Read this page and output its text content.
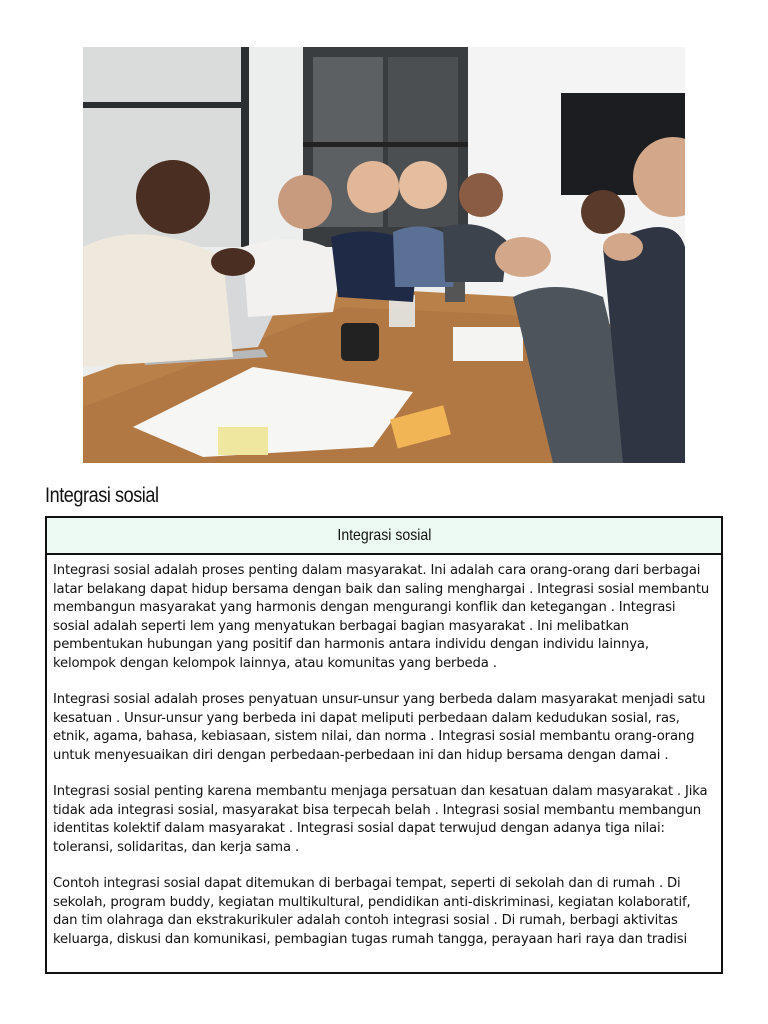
Integrasi sosial
Integrasi sosial

Integrasi sosial adalah proses penting dalam masyarakat. Ini adalah cara orang-orang dari berbagai latar belakang dapat hidup bersama dengan baik dan saling menghargai . Integrasi sosial membantu membangun masyarakat yang harmonis dengan mengurangi konflik dan ketegangan . Integrasi sosial adalah seperti lem yang menyatukan berbagai bagian masyarakat . Ini melibatkan pembentukan hubungan yang positif dan harmonis antara individu dengan individu lainnya, kelompok dengan kelompok lainnya, atau komunitas yang berbeda .

Integrasi sosial adalah proses penyatuan unsur-unsur yang berbeda dalam masyarakat menjadi satu kesatuan . Unsur-unsur yang berbeda ini dapat meliputi perbedaan dalam kedudukan sosial, ras, etnik, agama, bahasa, kebiasaan, sistem nilai, dan norma . Integrasi sosial membantu orang-orang untuk menyesuaikan diri dengan perbedaan-perbedaan ini dan hidup bersama dengan damai .

Integrasi sosial penting karena membantu menjaga persatuan dan kesatuan dalam masyarakat . Jika tidak ada integrasi sosial, masyarakat bisa terpecah belah . Integrasi sosial membantu membangun identitas kolektif dalam masyarakat . Integrasi sosial dapat terwujud dengan adanya tiga nilai: toleransi, solidaritas, dan kerja sama .

Contoh integrasi sosial dapat ditemukan di berbagai tempat, seperti di sekolah dan di rumah . Di sekolah, program buddy, kegiatan multikultural, pendidikan anti-diskriminasi, kegiatan kolaboratif, dan tim olahraga dan ekstrakurikuler adalah contoh integrasi sosial . Di rumah, berbagi aktivitas keluarga, diskusi dan komunikasi, pembagian tugas rumah tangga, perayaan hari raya dan tradisi
